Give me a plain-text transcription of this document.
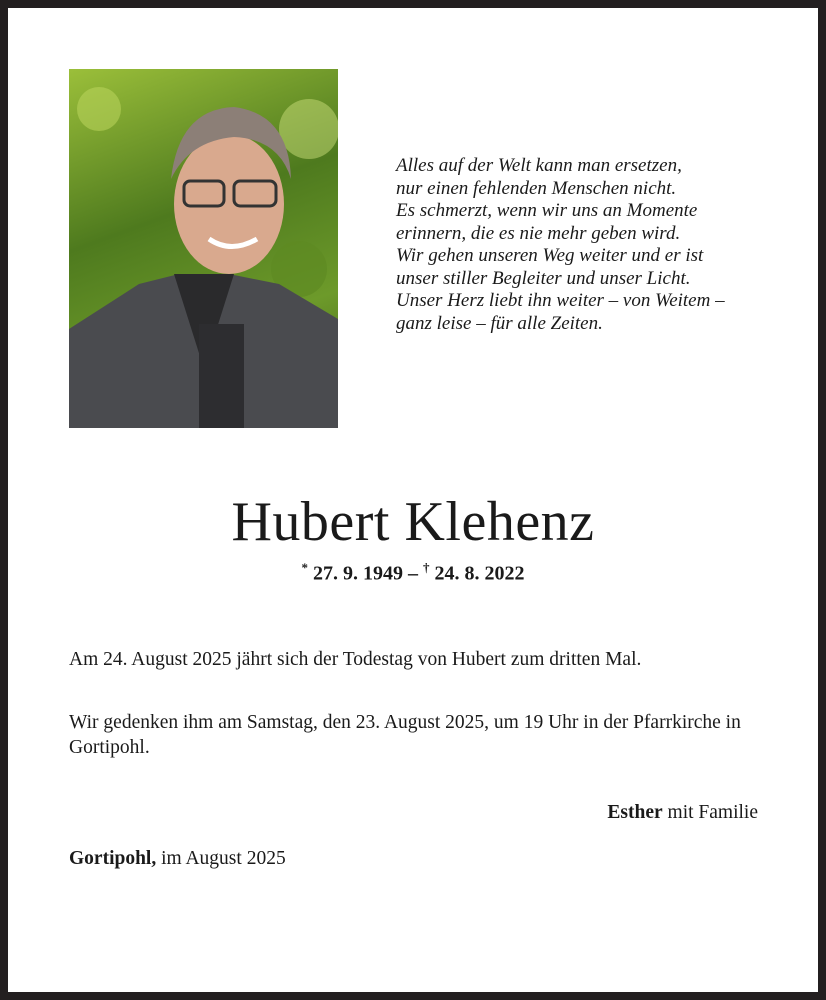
Alles auf der Welt kann man ersetzen,
nur einen fehlenden Menschen nicht.
Es schmerzt, wenn wir uns an Momente
erinnern, die es nie mehr geben wird.
Wir gehen unseren Weg weiter und er ist
unser stiller Begleiter und unser Licht.
Unser Herz liebt ihn weiter – von Weitem –
ganz leise – für alle Zeiten.

Hubert Klehenz
* 27. 9. 1949 – † 24. 8. 2022

Am 24. August 2025 jährt sich der Todestag von Hubert zum dritten Mal.

Wir gedenken ihm am Samstag, den 23. August 2025, um 19 Uhr in der Pfarrkirche in Gortipohl.

Esther mit Familie
Gortipohl, im August 2025
